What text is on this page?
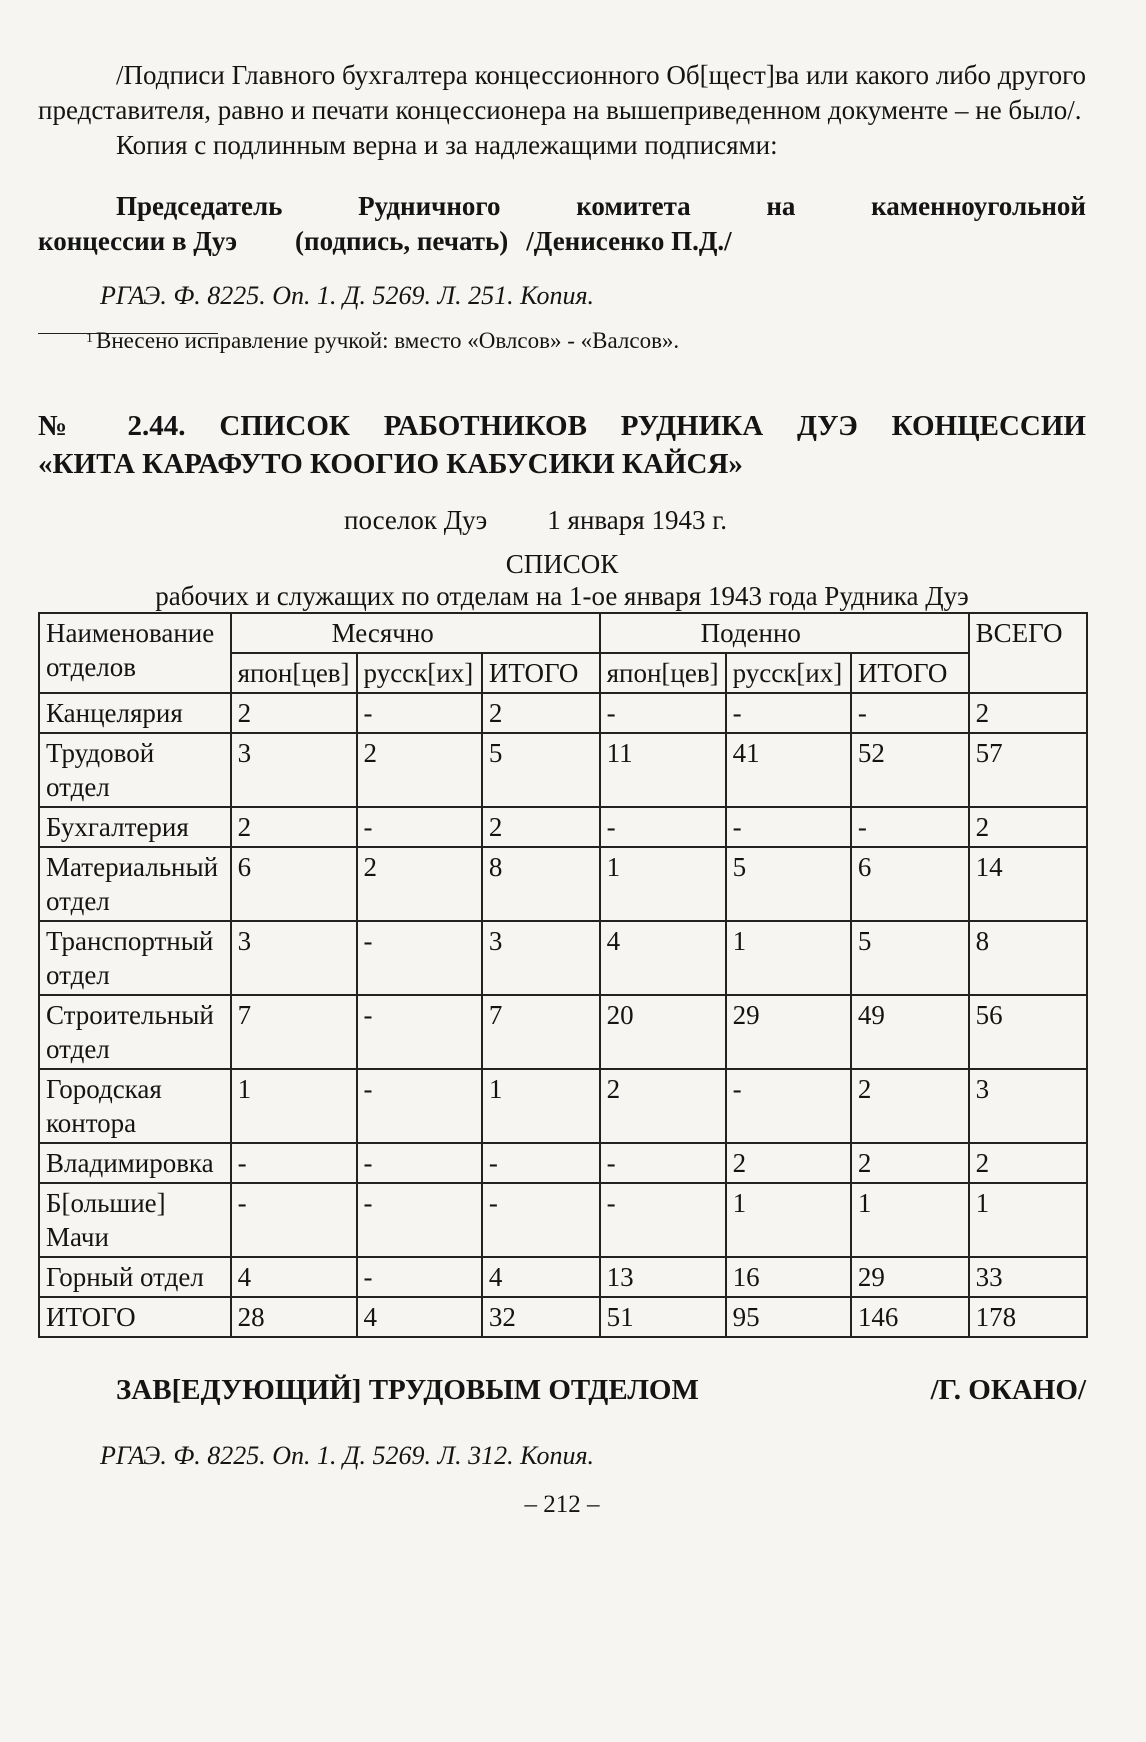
/Подписи Главного бухгалтера концессионного Об[щест]ва или какого либо другого представителя, равно и печати концессионера на вышеприведенном документе – не было/.

Копия с подлинным верна и за надлежащими подписями:

Председатель Рудничного комитета на каменноугольной

концессии в Дуэ (подпись, печать) /Денисенко П.Д./

РГАЭ. Ф. 8225. Оп. 1. Д. 5269. Л. 251. Копия.

1 Внесено исправление ручкой: вместо «Овлсов» - «Валсов».

№ 2.44. СПИСОК РАБОТНИКОВ РУДНИКА ДУЭ КОНЦЕССИИ

«КИТА КАРАФУТО КООГИО КАБУСИКИ КАЙСЯ»

поселок Дуэ 1 января 1943 г.

СПИСОК

рабочих и служащих по отделам на 1-ое января 1943 года Рудника Дуэ

Наименование отделов	Месячно			Поденно			ВСЕГО
	япон[цев]	русск[их]	ИТОГО	япон[цев]	русск[их]	ИТОГО	
Канцелярия	2	-	2	-	-	-	2
Трудовой отдел	3	2	5	11	41	52	57
Бухгалтерия	2	-	2	-	-	-	2
Материальный отдел	6	2	8	1	5	6	14
Транспортный отдел	3	-	3	4	1	5	8
Строительный отдел	7	-	7	20	29	49	56
Городская контора	1	-	1	2	-	2	3
Владимировка	-	-	-	-	2	2	2
Б[ольшие] Мачи	-	-	-	-	1	1	1
Горный отдел	4	-	4	13	16	29	33
ИТОГО	28	4	32	51	95	146	178
ЗАВ[ЕДУЮЩИЙ] ТРУДОВЫМ ОТДЕЛОМ	/Г. ОКАНО/

РГАЭ. Ф. 8225. Оп. 1. Д. 5269. Л. 312. Копия.

– 212 –
